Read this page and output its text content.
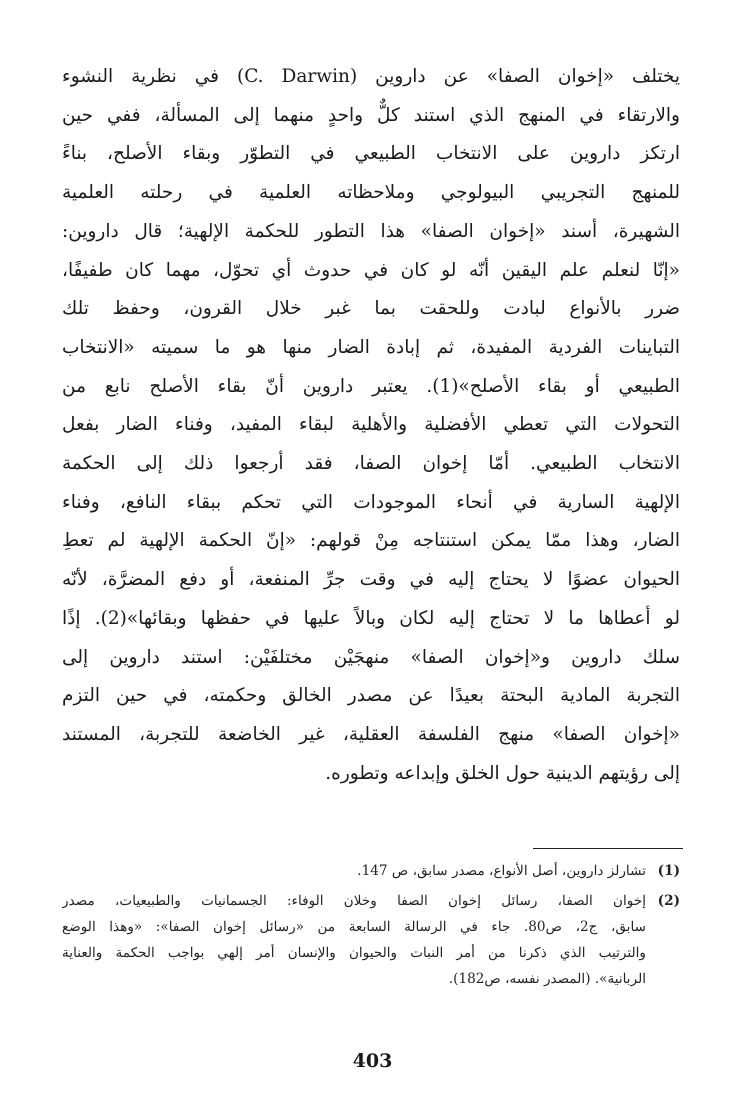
يختلف «إخوان الصفا» عن داروين (C. Darwin) في نظرية النشوء
والارتقاء في المنهج الذي استند كلٌّ واحدٍ منهما إلى المسألة، ففي حين
ارتكز داروين على الانتخاب الطبيعي في التطوّر وبقاء الأصلح، بناءً
للمنهج التجريبي البيولوجي وملاحظاته العلمية في رحلته العلمية
الشهيرة، أسند «إخوان الصفا» هذا التطور للحكمة الإلهية؛ قال داروين:
«إنّا لنعلم علم اليقين أنّه لو كان في حدوث أي تحوّل، مهما كان طفيفًا،
ضرر بالأنواع لبادت وللحقت بما غبر خلال القرون، وحفظ تلك
التباينات الفردية المفيدة، ثم إبادة الضار منها هو ما سميته «الانتخاب
الطبيعي أو بقاء الأصلح»(1). يعتبر داروين أنّ بقاء الأصلح نابع من
التحولات التي تعطي الأفضلية والأهلية لبقاء المفيد، وفناء الضار بفعل
الانتخاب الطبيعي. أمّا إخوان الصفا، فقد أرجعوا ذلك إلى الحكمة
الإلهية السارية في أنحاء الموجودات التي تحكم ببقاء النافع، وفناء
الضار، وهذا ممّا يمكن استنتاجه مِنْ قولهم: «إنّ الحكمة الإلهية لم تعطِ
الحيوان عضوًا لا يحتاج إليه في وقت جرِّ المنفعة، أو دفع المضرَّة، لأنّه
لو أعطاها ما لا تحتاج إليه لكان وبالاً عليها في حفظها وبقائها»(2). إذًا
سلك داروين و«إخوان الصفا» منهجَيْن مختلفَيْن: استند داروين إلى
التجربة المادية البحتة بعيدًا عن مصدر الخالق وحكمته، في حين التزم
«إخوان الصفا» منهج الفلسفة العقلية، غير الخاضعة للتجربة، المستند
إلى رؤيتهم الدينية حول الخلق وإبداعه وتطوره.
(1)
تشارلز داروين، أصل الأنواع، مصدر سابق، ص 147.
(2)
إخوان الصفا، رسائل إخوان الصفا وخلان الوفاء: الجسمانيات والطبيعيات، مصدر
سابق، ج2، ص80. جاء في الرسالة السابعة من «رسائل إخوان الصفا»: «وهذا الوضع
والترتيب الذي ذكرنا من أمر النبات والحيوان والإنسان أمر إلهي بواجب الحكمة والعناية
الربانية». (المصدر نفسه، ص182).
403
